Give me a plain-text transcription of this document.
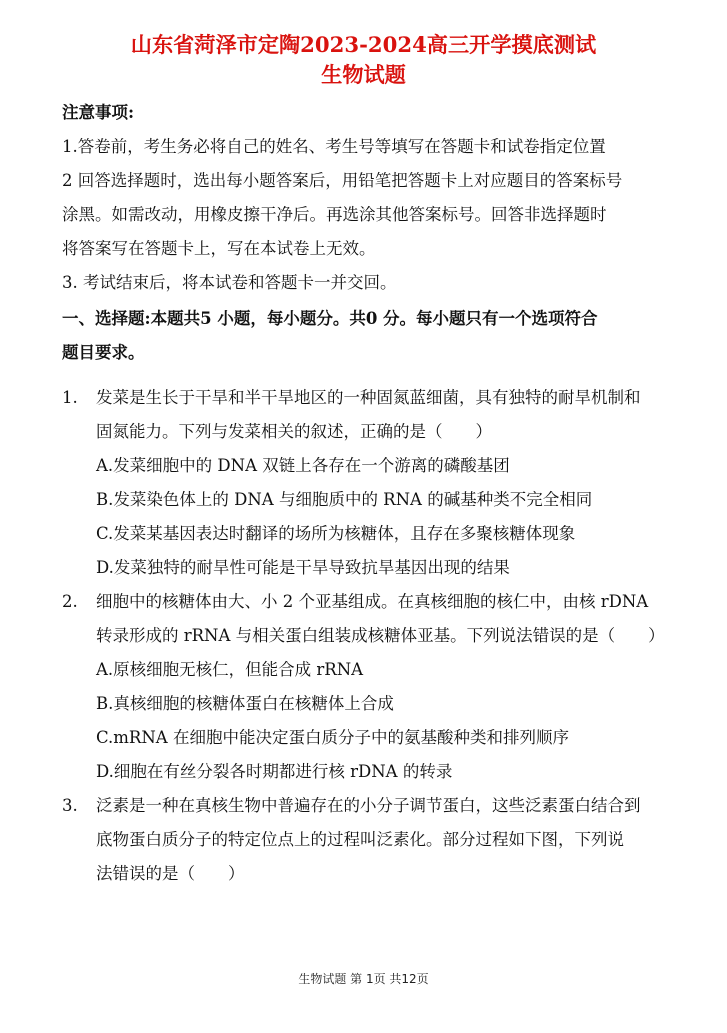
山东省菏泽市定陶2023-2024高三开学摸底测试
生物试题
注意事项:
1.答卷前，考生务必将自己的姓名、考生号等填写在答题卡和试卷指定位置
2 回答选择题时，选出每小题答案后，用铅笔把答题卡上对应题目的答案标号
涂黑。如需改动，用橡皮擦干净后。再选涂其他答案标号。回答非选择题时
将答案写在答题卡上，写在本试卷上无效。
3. 考试结束后，将本试卷和答题卡一并交回。
一、选择题:本题共5 小题，每小题分。共0 分。每小题只有一个选项符合
题目要求。
1. 发菜是生长于干旱和半干旱地区的一种固氮蓝细菌，具有独特的耐旱机制和
固氮能力。下列与发菜相关的叙述，正确的是（　　）
A.发菜细胞中的 DNA 双链上各存在一个游离的磷酸基团
B.发菜染色体上的 DNA 与细胞质中的 RNA 的碱基种类不完全相同
C.发菜某基因表达时翻译的场所为核糖体，且存在多聚核糖体现象
D.发菜独特的耐旱性可能是干旱导致抗旱基因出现的结果
2. 细胞中的核糖体由大、小 2 个亚基组成。在真核细胞的核仁中，由核 rDNA
转录形成的 rRNA 与相关蛋白组装成核糖体亚基。下列说法错误的是（　　）
A.原核细胞无核仁，但能合成 rRNA
B.真核细胞的核糖体蛋白在核糖体上合成
C.mRNA 在细胞中能决定蛋白质分子中的氨基酸种类和排列顺序
D.细胞在有丝分裂各时期都进行核 rDNA 的转录
3. 泛素是一种在真核生物中普遍存在的小分子调节蛋白，这些泛素蛋白结合到
底物蛋白质分子的特定位点上的过程叫泛素化。部分过程如下图，下列说
法错误的是（　　）
生物试题 第 1页 共12页
